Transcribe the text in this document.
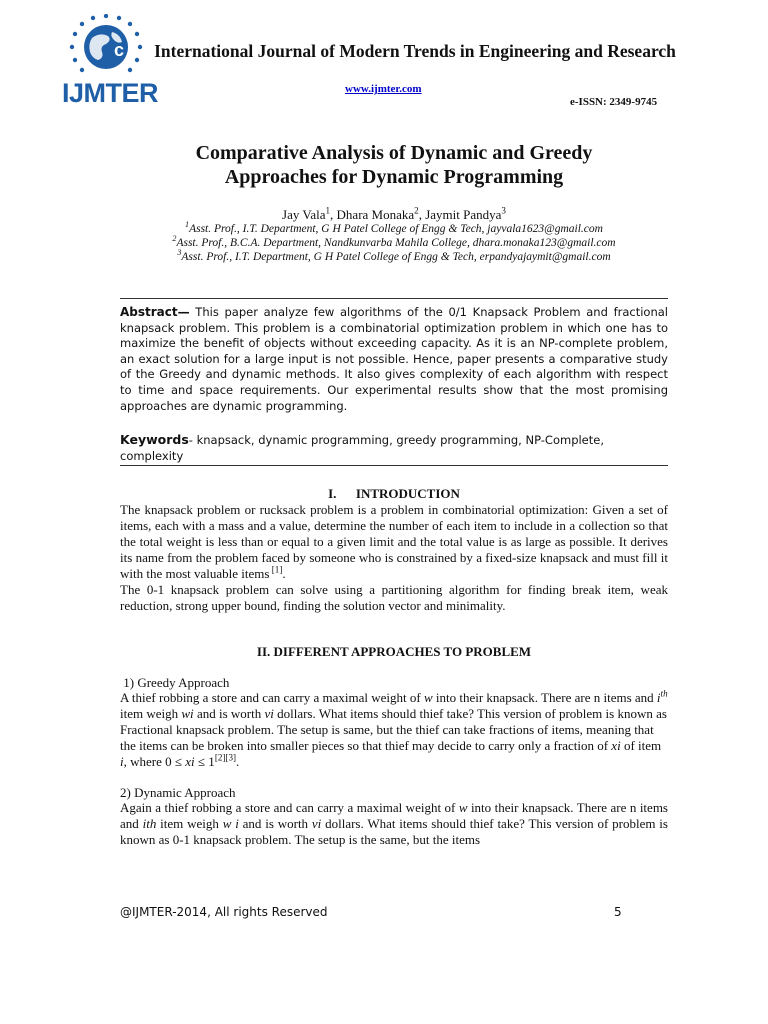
c
IJMTER
International Journal of Modern Trends in Engineering and Research
www.ijmter.com
e-ISSN: 2349-9745
Comparative Analysis of Dynamic and Greedy
Approaches for Dynamic Programming
Jay Vala$^1$, Dhara Monaka$^2$, Jaymit Pandya$^3$
$^1$Asst. Prof., I.T. Department, G H Patel College of Engg & Tech, jayvala1623@gmail.com
$^2$Asst. Prof., B.C.A. Department, Nandkunvarba Mahila College, dhara.monaka123@gmail.com
$^3$Asst. Prof., I.T. Department, G H Patel College of Engg & Tech, erpandyajaymit@gmail.com
Abstract— This paper analyze few algorithms of the 0/1 Knapsack Problem and fractional knapsack problem. This problem is a combinatorial optimization problem in which one has to maximize the benefit of objects without exceeding capacity. As it is an NP-complete problem, an exact solution for a large input is not possible. Hence, paper presents a comparative study of the Greedy and dynamic methods. It also gives complexity of each algorithm with respect to time and space requirements. Our experimental results show that the most promising approaches are dynamic programming.
Keywords- knapsack, dynamic programming, greedy programming, NP-Complete, complexity
I.      INTRODUCTION
The knapsack problem or rucksack problem is a problem in combinatorial optimization: Given a set of items, each with a mass and a value, determine the number of each item to include in a collection so that the total weight is less than or equal to a given limit and the total value is as large as possible. It derives its name from the problem faced by someone who is constrained by a fixed-size knapsack and must fill it with the most valuable items [1].
The 0-1 knapsack problem can solve using a partitioning algorithm for finding break item, weak reduction, strong upper bound, finding the solution vector and minimality.
II. DIFFERENT APPROACHES TO PROBLEM
1) Greedy Approach
A thief robbing a store and can carry a maximal weight of w into their knapsack. There are n items and $i^{th}$ item weigh wi and is worth vi dollars. What items should thief take? This version of problem is known as Fractional knapsack problem. The setup is same, but the thief can take fractions of items, meaning that the items can be broken into smaller pieces so that thief may decide to carry only a fraction of xi of item i, where 0 ≤ xi ≤ 1[2][3].
2) Dynamic Approach
Again a thief robbing a store and can carry a maximal weight of w into their knapsack. There are n items and ith item weigh w i and is worth vi dollars. What items should thief take? This version of problem is known as 0-1 knapsack problem. The setup is the same, but the items
@IJMTER-2014, All rights Reserved	5
